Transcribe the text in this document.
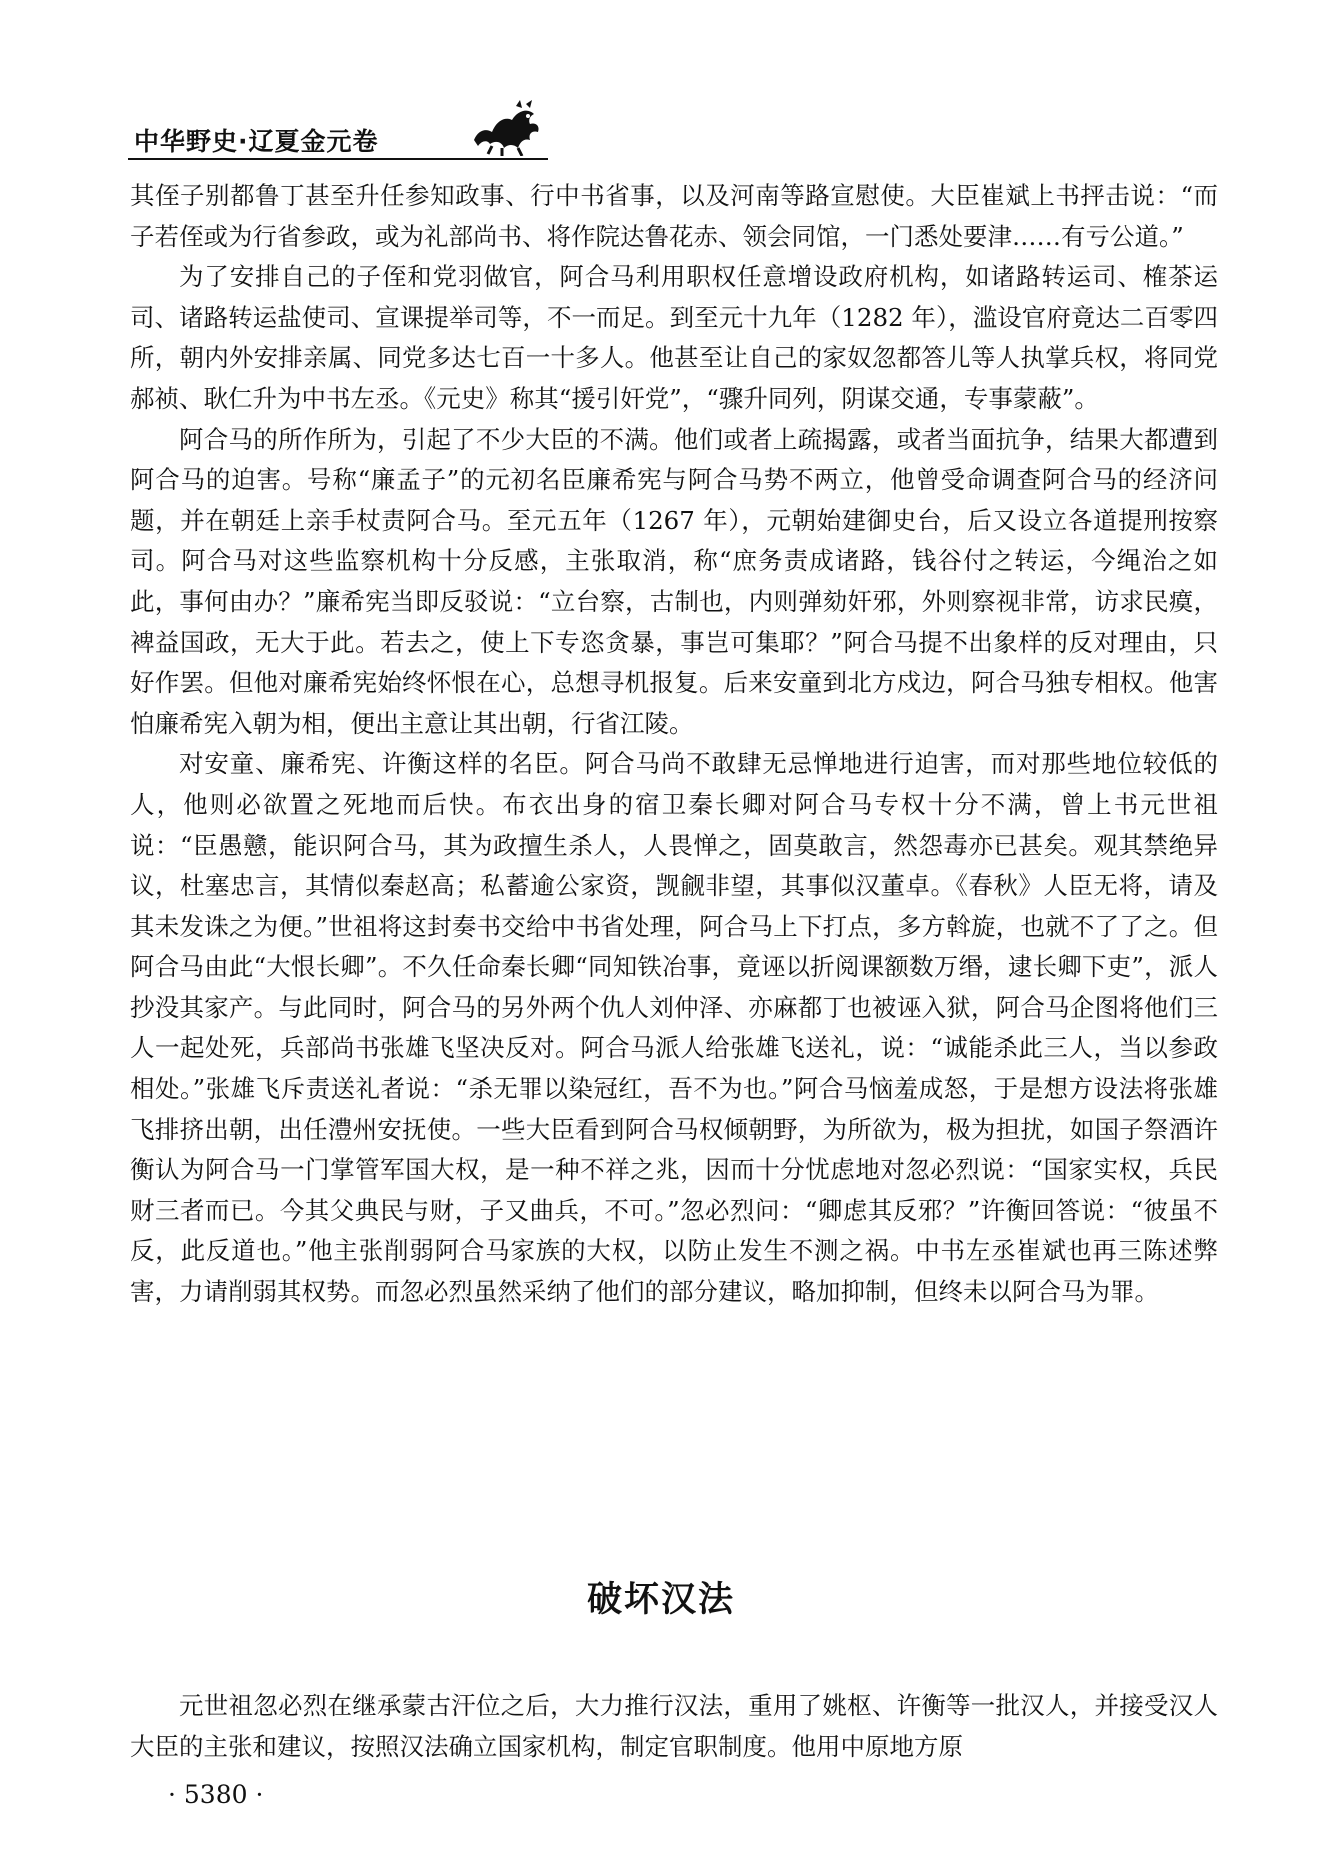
中华野史·辽夏金元卷

其侄子别都鲁丁甚至升任参知政事、行中书省事，以及河南等路宣慰使。大臣崔斌上书抨击说：“而子若侄或为行省参政，或为礼部尚书、将作院达鲁花赤、领会同馆，一门悉处要津……有亏公道。”

为了安排自己的子侄和党羽做官，阿合马利用职权任意增设政府机构，如诸路转运司、榷茶运司、诸路转运盐使司、宣课提举司等，不一而足。到至元十九年（1282 年），滥设官府竟达二百零四所，朝内外安排亲属、同党多达七百一十多人。他甚至让自己的家奴忽都答儿等人执掌兵权，将同党郝祯、耿仁升为中书左丞。《元史》称其“援引奸党”，“骤升同列，阴谋交通，专事蒙蔽”。

阿合马的所作所为，引起了不少大臣的不满。他们或者上疏揭露，或者当面抗争，结果大都遭到阿合马的迫害。号称“廉孟子”的元初名臣廉希宪与阿合马势不两立，他曾受命调查阿合马的经济问题，并在朝廷上亲手杖责阿合马。至元五年（1267 年），元朝始建御史台，后又设立各道提刑按察司。阿合马对这些监察机构十分反感，主张取消，称“庶务责成诸路，钱谷付之转运，今绳治之如此，事何由办？”廉希宪当即反驳说：“立台察，古制也，内则弹劾奸邪，外则察视非常，访求民瘼，裨益国政，无大于此。若去之，使上下专恣贪暴，事岂可集耶？”阿合马提不出象样的反对理由，只好作罢。但他对廉希宪始终怀恨在心，总想寻机报复。后来安童到北方戍边，阿合马独专相权。他害怕廉希宪入朝为相，便出主意让其出朝，行省江陵。

对安童、廉希宪、许衡这样的名臣。阿合马尚不敢肆无忌惮地进行迫害，而对那些地位较低的人，他则必欲置之死地而后快。布衣出身的宿卫秦长卿对阿合马专权十分不满，曾上书元世祖说：“臣愚戆，能识阿合马，其为政擅生杀人，人畏惮之，固莫敢言，然怨毒亦已甚矣。观其禁绝异议，杜塞忠言，其情似秦赵高；私蓄逾公家资，觊觎非望，其事似汉董卓。《春秋》人臣无将，请及其未发诛之为便。”世祖将这封奏书交给中书省处理，阿合马上下打点，多方斡旋，也就不了了之。但阿合马由此“大恨长卿”。不久任命秦长卿“同知铁冶事，竟诬以折阅课额数万缗，逮长卿下吏”，派人抄没其家产。与此同时，阿合马的另外两个仇人刘仲泽、亦麻都丁也被诬入狱，阿合马企图将他们三人一起处死，兵部尚书张雄飞坚决反对。阿合马派人给张雄飞送礼，说：“诚能杀此三人，当以参政相处。”张雄飞斥责送礼者说：“杀无罪以染冠红，吾不为也。”阿合马恼羞成怒，于是想方设法将张雄飞排挤出朝，出任澧州安抚使。一些大臣看到阿合马权倾朝野，为所欲为，极为担扰，如国子祭酒许衡认为阿合马一门掌管军国大权，是一种不祥之兆，因而十分忧虑地对忽必烈说：“国家实权，兵民财三者而已。今其父典民与财，子又曲兵，不可。”忽必烈问：“卿虑其反邪？”许衡回答说：“彼虽不反，此反道也。”他主张削弱阿合马家族的大权，以防止发生不测之祸。中书左丞崔斌也再三陈述弊害，力请削弱其权势。而忽必烈虽然采纳了他们的部分建议，略加抑制，但终未以阿合马为罪。

破坏汉法

元世祖忽必烈在继承蒙古汗位之后，大力推行汉法，重用了姚枢、许衡等一批汉人，并接受汉人大臣的主张和建议，按照汉法确立国家机构，制定官职制度。他用中原地方原

· 5380 ·
